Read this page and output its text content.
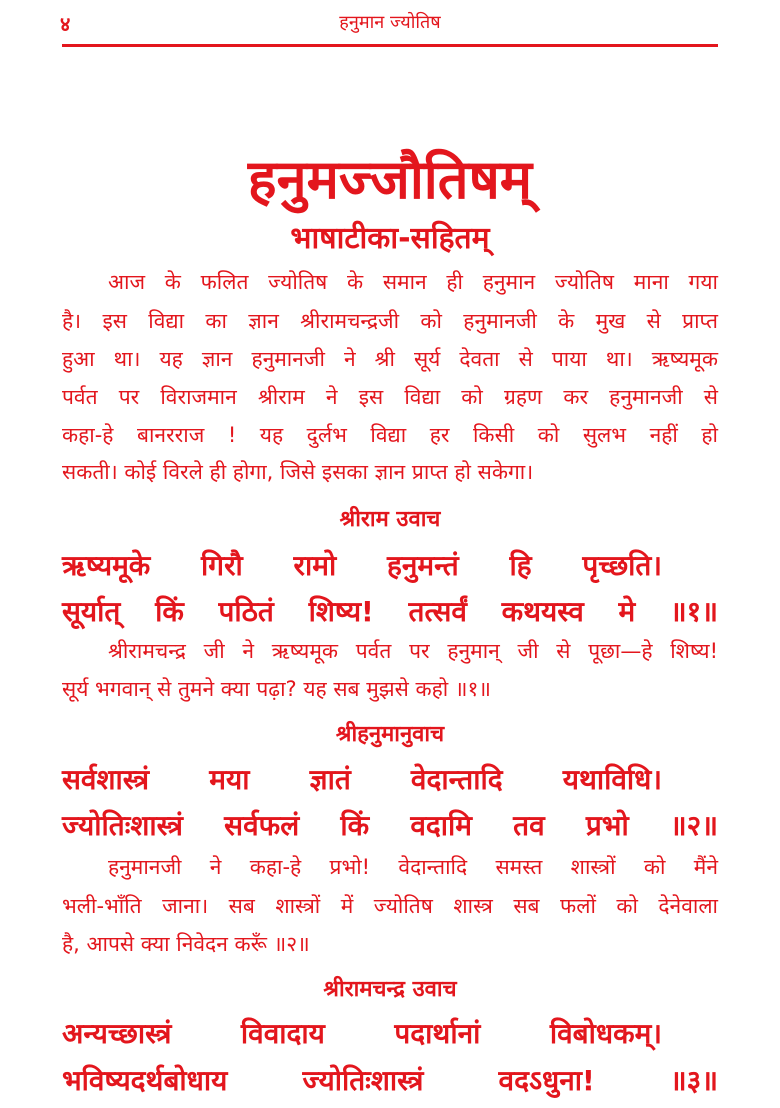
४	हनुमान ज्योतिष
हनुमज्जौतिषम्
भाषाटीका-सहितम्
आज के फलित ज्योतिष के समान ही हनुमान ज्योतिष माना गया
है। इस विद्या का ज्ञान श्रीरामचन्द्रजी को हनुमानजी के मुख से प्राप्त
हुआ था। यह ज्ञान हनुमानजी ने श्री सूर्य देवता से पाया था। ऋष्यमूक
पर्वत पर विराजमान श्रीराम ने इस विद्या को ग्रहण कर हनुमानजी से
कहा-हे बानरराज ! यह दुर्लभ विद्या हर किसी को सुलभ नहीं हो
सकती। कोई विरले ही होगा, जिसे इसका ज्ञान प्राप्त हो सकेगा।
श्रीराम उवाच
ऋष्यमूके गिरौ रामो हनुमन्तं हि पृच्छति।
सूर्यात् किं पठितं शिष्य! तत्सर्वं कथयस्व मे ॥१॥
श्रीरामचन्द्र जी ने ऋष्यमूक पर्वत पर हनुमान् जी से पूछा—हे शिष्य!
सूर्य भगवान् से तुमने क्या पढ़ा? यह सब मुझसे कहो ॥१॥
श्रीहनुमानुवाच
सर्वशास्त्रं मया ज्ञातं वेदान्तादि यथाविधि।
ज्योतिःशास्त्रं सर्वफलं किं वदामि तव प्रभो ॥२॥
हनुमानजी ने कहा-हे प्रभो! वेदान्तादि समस्त शास्त्रों को मैंने
भली-भाँति जाना। सब शास्त्रों में ज्योतिष शास्त्र सब फलों को देनेवाला
है, आपसे क्या निवेदन करूँ ॥२॥
श्रीरामचन्द्र उवाच
अन्यच्छास्त्रं विवादाय पदार्थानां विबोधकम्।
भविष्यदर्थबोधाय ज्योतिःशास्त्रं वदऽधुना! ॥३॥
